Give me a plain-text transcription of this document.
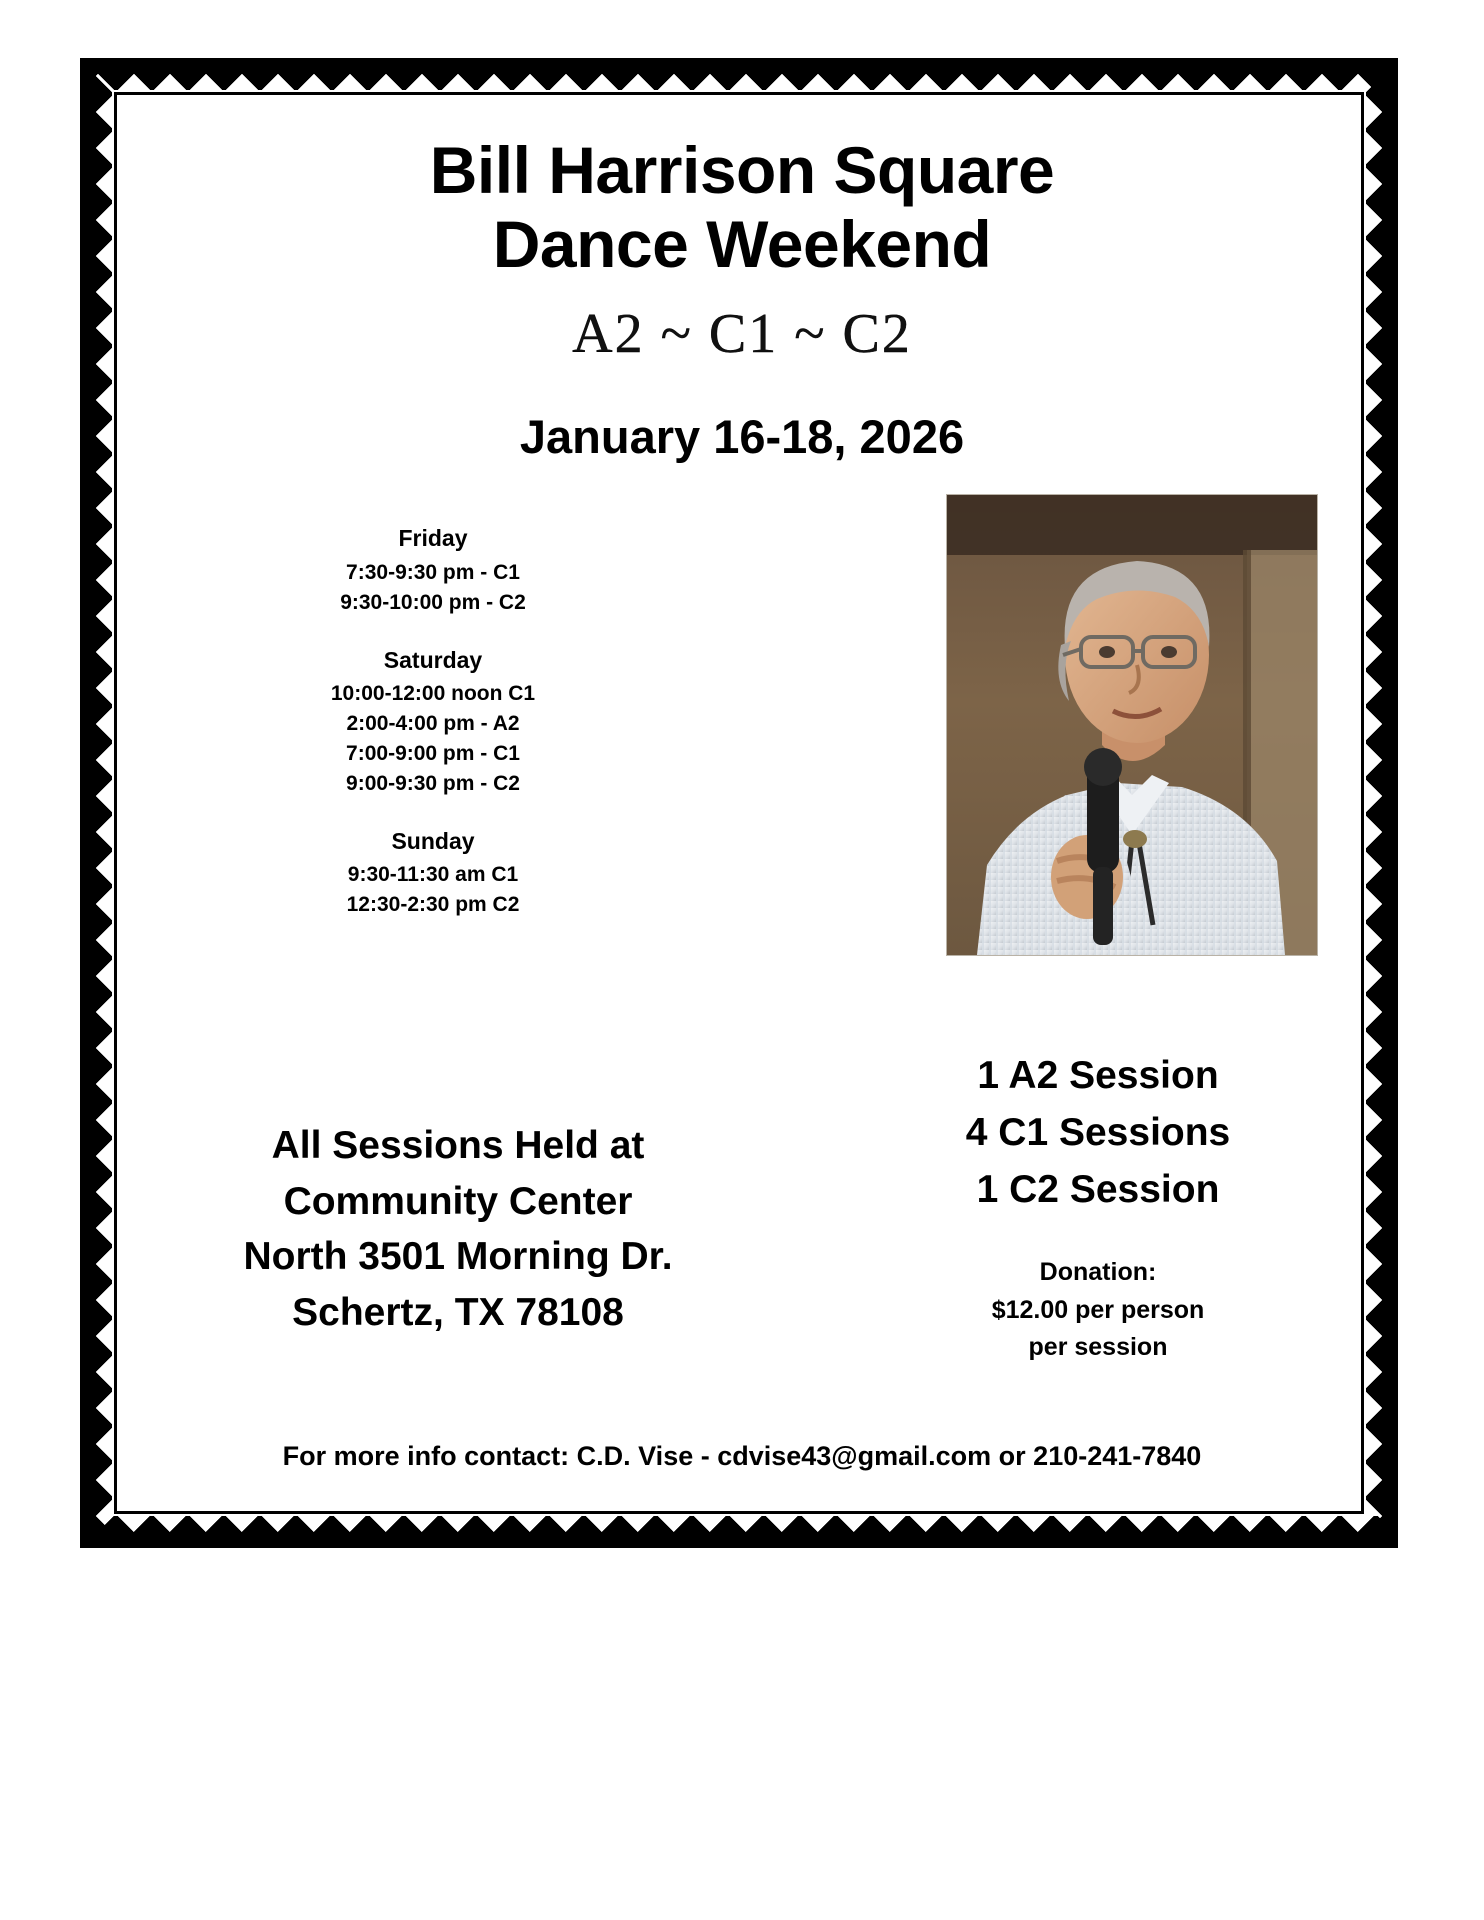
Bill Harrison Square
Dance Weekend
A2 ~ C1 ~ C2
January 16-18, 2026
Friday
7:30-9:30 pm - C1
9:30-10:00 pm - C2
Saturday
10:00-12:00 noon C1
2:00-4:00 pm - A2
7:00-9:00 pm - C1
9:00-9:30 pm - C2
Sunday
9:30-11:30 am C1
12:30-2:30 pm C2
All Sessions Held at
Community Center
North 3501 Morning Dr.
Schertz, TX 78108
1 A2 Session
4 C1 Sessions
1 C2 Session
Donation:
$12.00 per person
per session
For more info contact: C.D. Vise - cdvise43@gmail.com or 210-241-7840
